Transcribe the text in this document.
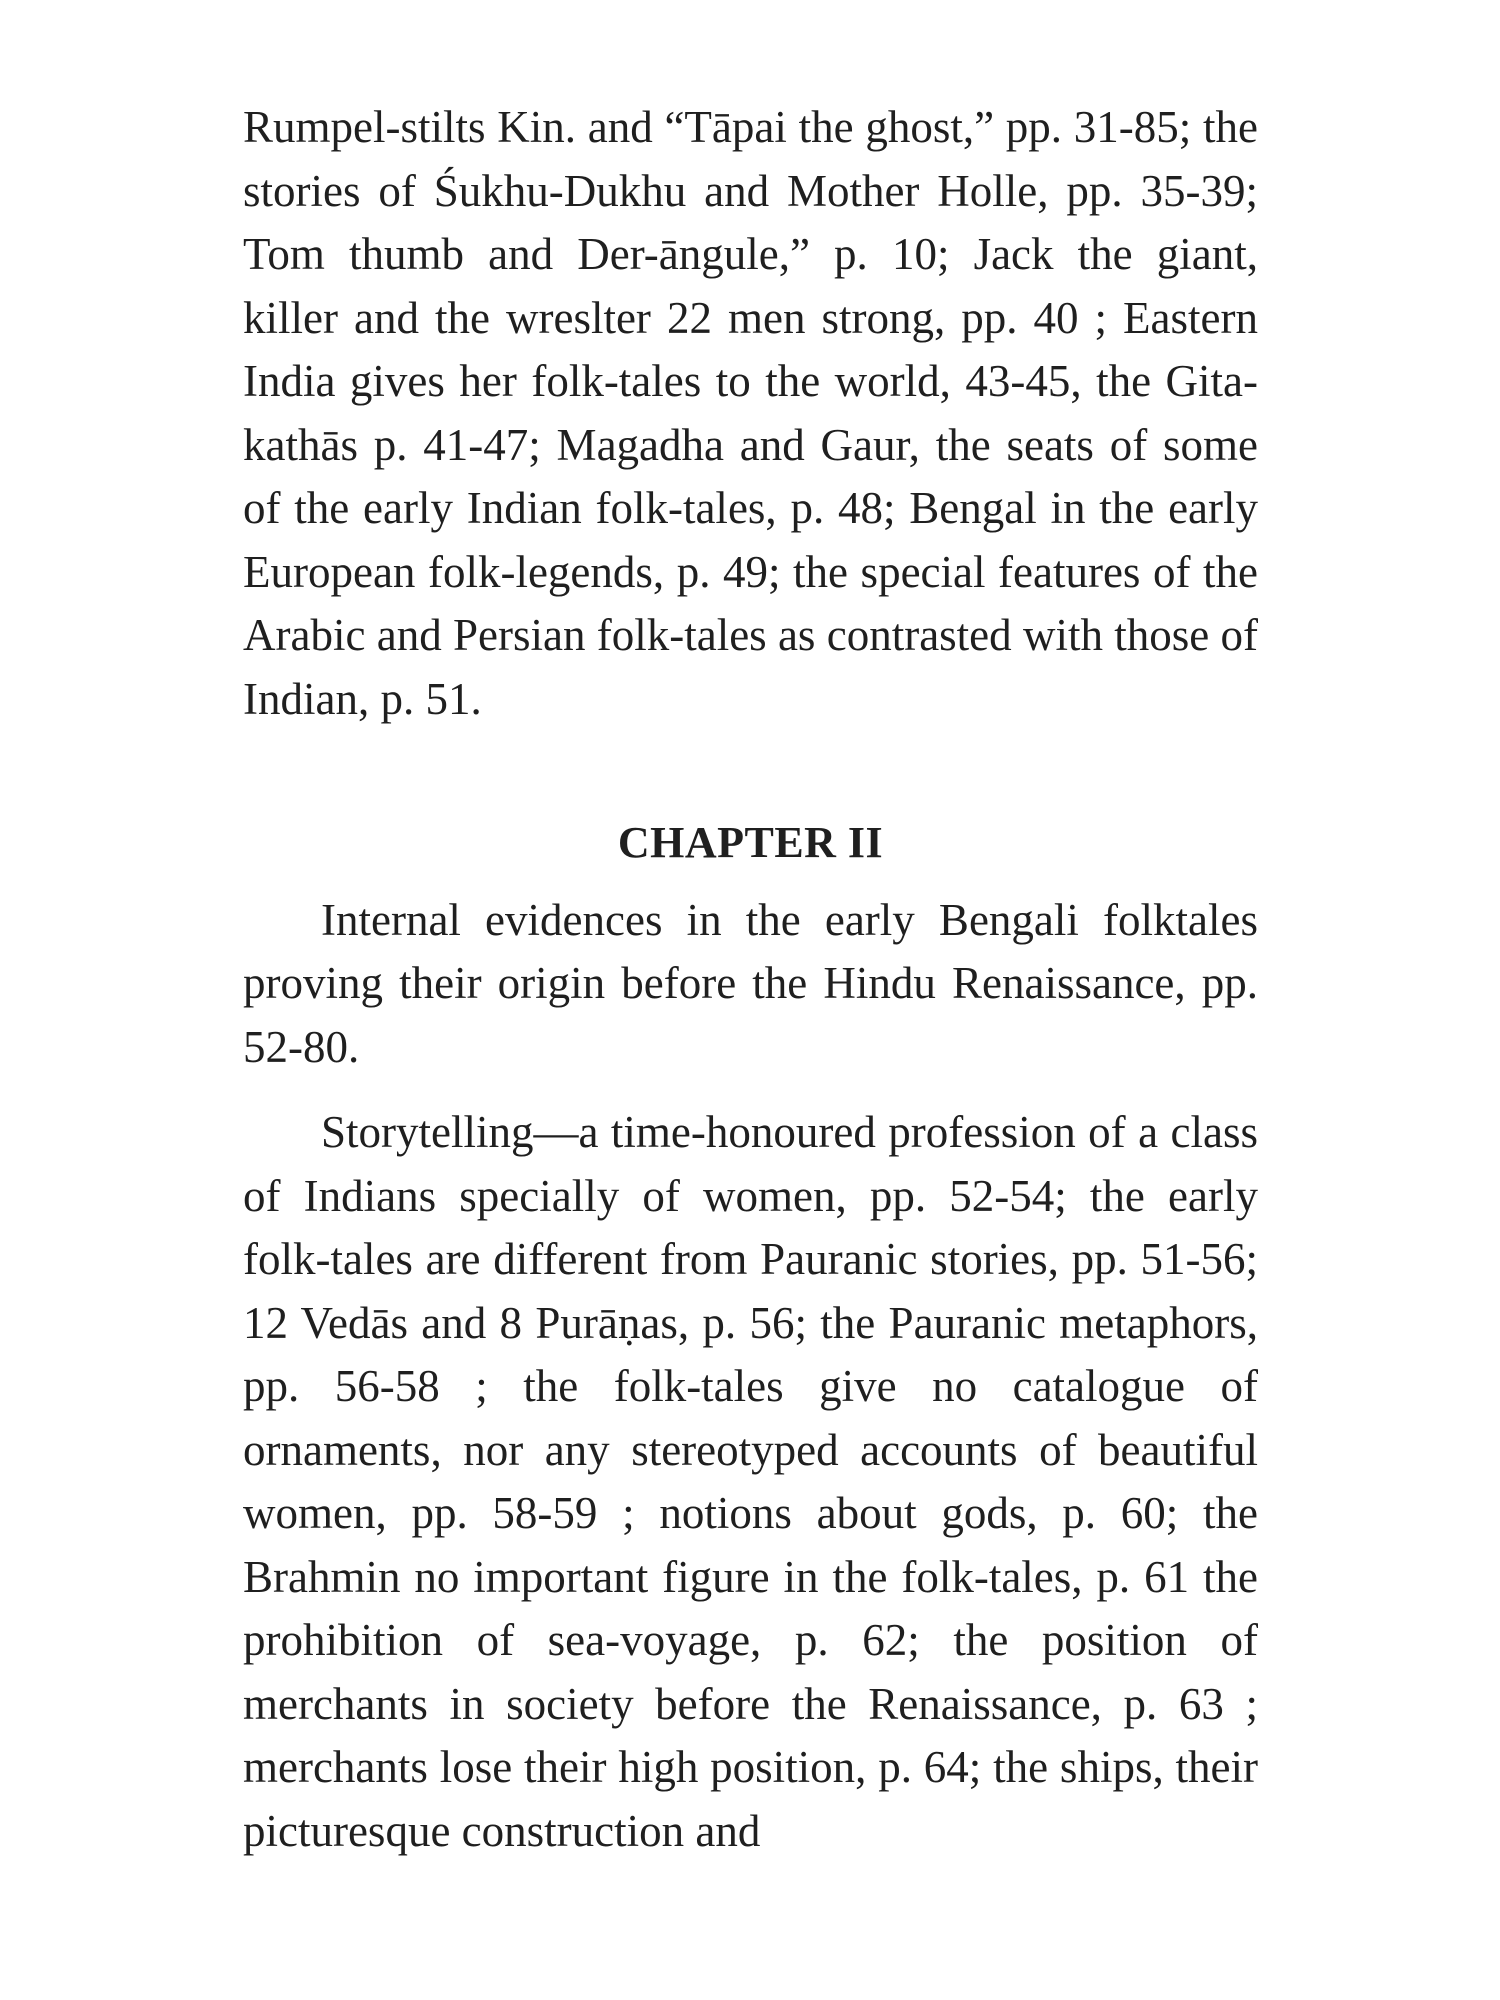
Rumpel-stilts Kin. and “Tāpai the ghost,” pp. 31-85; the stories of Śukhu-Dukhu and Mother Holle, pp. 35-39; Tom thumb and Der-āngule,” p. 10; Jack the giant, killer and the wreslter 22 men strong, pp. 40 ; Eastern India gives her folk-tales to the world, 43-45, the Gita-kathās p. 41-47; Magadha and Gaur, the seats of some of the early Indian folk-tales, p. 48; Bengal in the early European folk-legends, p. 49; the special features of the Arabic and Persian folk-tales as contrasted with those of Indian, p. 51.

CHAPTER II

Internal evidences in the early Bengali folktales proving their origin before the Hindu Renaissance, pp. 52-80.

Storytelling—a time-honoured profession of a class of Indians specially of women, pp. 52-54; the early folk-tales are different from Pauranic stories, pp. 51-56; 12 Vedās and 8 Purāṇas, p. 56; the Pauranic metaphors, pp. 56-58 ; the folk-tales give no catalogue of ornaments, nor any stereotyped accounts of beautiful women, pp. 58-59 ; notions about gods, p. 60; the Brahmin no important figure in the folk-tales, p. 61 the prohibition of sea-voyage, p. 62; the position of merchants in society before the Renaissance, p. 63 ; merchants lose their high position, p. 64; the ships, their picturesque construction and
